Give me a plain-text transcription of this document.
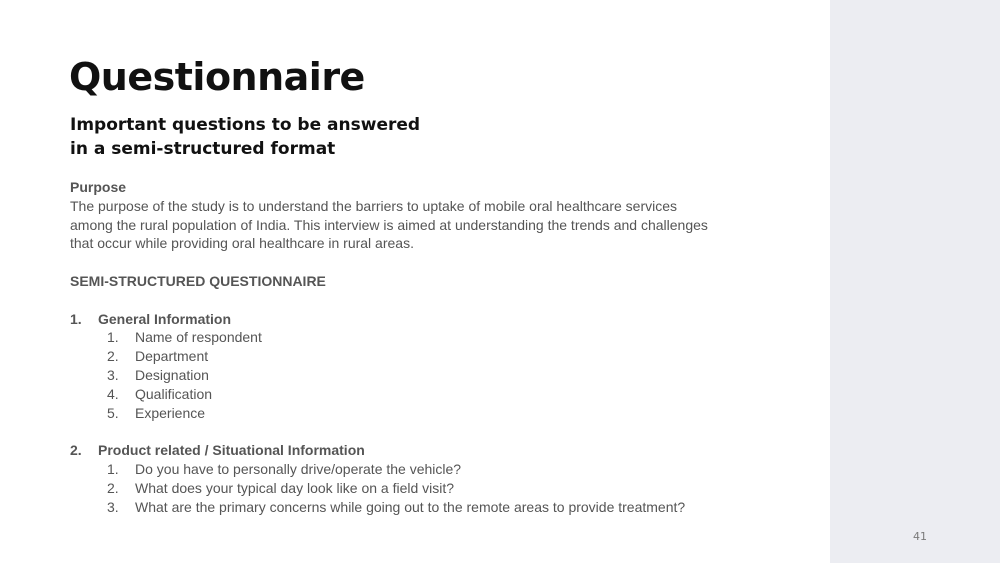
41
Questionnaire
Important questions to be answered
in a semi-structured format
Purpose
The purpose of the study is to understand the barriers to uptake of mobile oral healthcare services
among the rural population of India. This interview is aimed at understanding the trends and challenges
that occur while providing oral healthcare in rural areas.
SEMI-STRUCTURED QUESTIONNAIRE
1.	General Information
1.	Name of respondent
2.	Department
3.	Designation
4.	Qualification
5.	Experience
2.	Product related / Situational Information
1.	Do you have to personally drive/operate the vehicle?
2.	What does your typical day look like on a field visit?
3.	What are the primary concerns while going out to the remote areas to provide treatment?
